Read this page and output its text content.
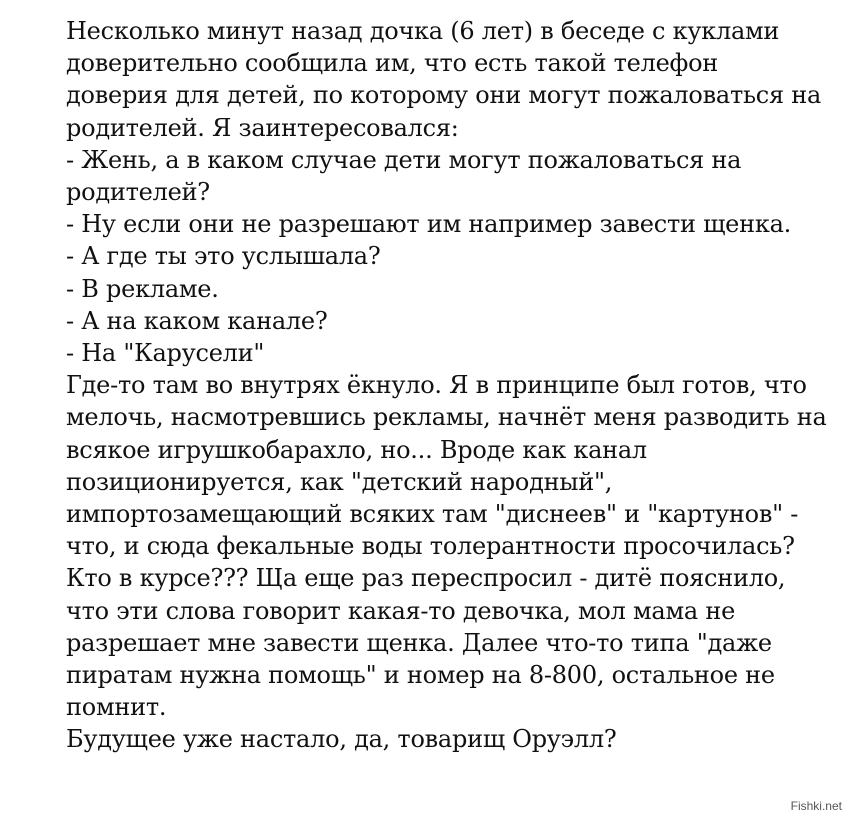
Несколько минут назад дочка (6 лет) в беседе с куклами
доверительно сообщила им, что есть такой телефон
доверия для детей, по которому они могут пожаловаться на
родителей. Я заинтересовался:
- Жень, а в каком случае дети могут пожаловаться на
родителей?
- Ну если они не разрешают им например завести щенка.
- А где ты это услышала?
- В рекламе.
- А на каком канале?
- На "Карусели"
Где-то там во внутрях ёкнуло. Я в принципе был готов, что
мелочь, насмотревшись рекламы, начнёт меня разводить на
всякое игрушкобарахло, но... Вроде как канал
позиционируется, как "детский народный",
импортозамещающий всяких там "диснеев" и "картунов" -
что, и сюда фекальные воды толерантности просочилась?
Кто в курсе??? Ща еще раз переспросил - дитё пояснило,
что эти слова говорит какая-то девочка, мол мама не
разрешает мне завести щенка. Далее что-то типа "даже
пиратам нужна помощь" и номер на 8-800, остальное не
помнит.
Будущее уже настало, да, товарищ Оруэлл?
Fishki.net
